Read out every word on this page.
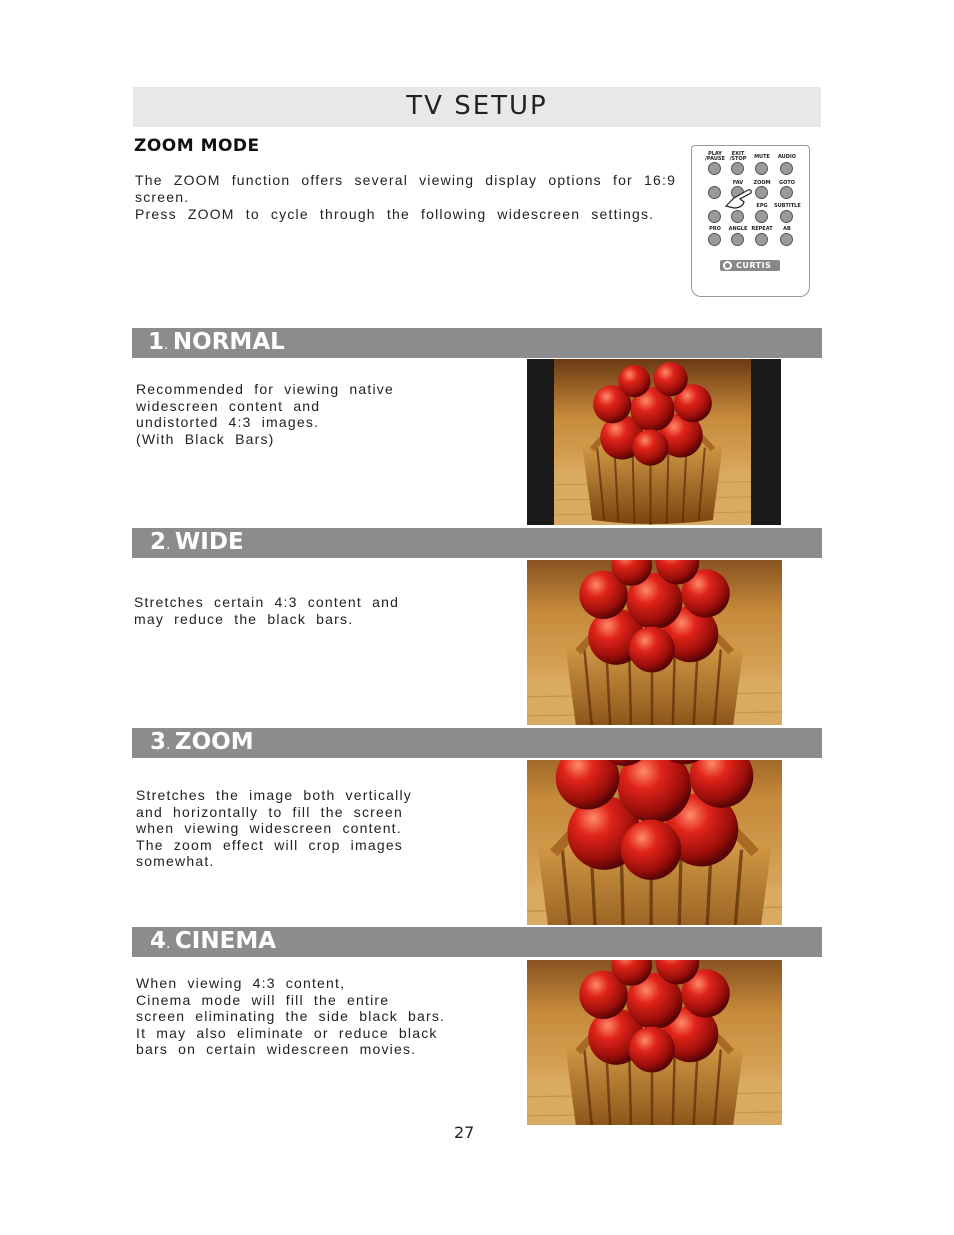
TV SETUP
ZOOM MODE
The ZOOM function offers several viewing display options for 16:9 screen.
Press ZOOM to cycle through the following widescreen settings.
PLAY /PAUSE
EXIT /STOP	MUTE	AUDIO
FAV	ZOOM	GOTO
EPG	SUBTITLE
PRO	ANGLE REPEAT	AB
CURTIS
1. NORMAL
Recommended for viewing native
widescreen content and
undistorted 4:3 images.
(With Black Bars)
2. WIDE
Stretches certain 4:3 content and
may reduce the black bars.
3. ZOOM
Stretches the image both vertically
and horizontally to fill the screen
when viewing widescreen content.
The zoom effect will crop images
somewhat.
4. CINEMA
When viewing 4:3 content,
Cinema mode will fill the entire
screen eliminating the side black bars.
It may also eliminate or reduce black
bars on certain widescreen movies.
27
